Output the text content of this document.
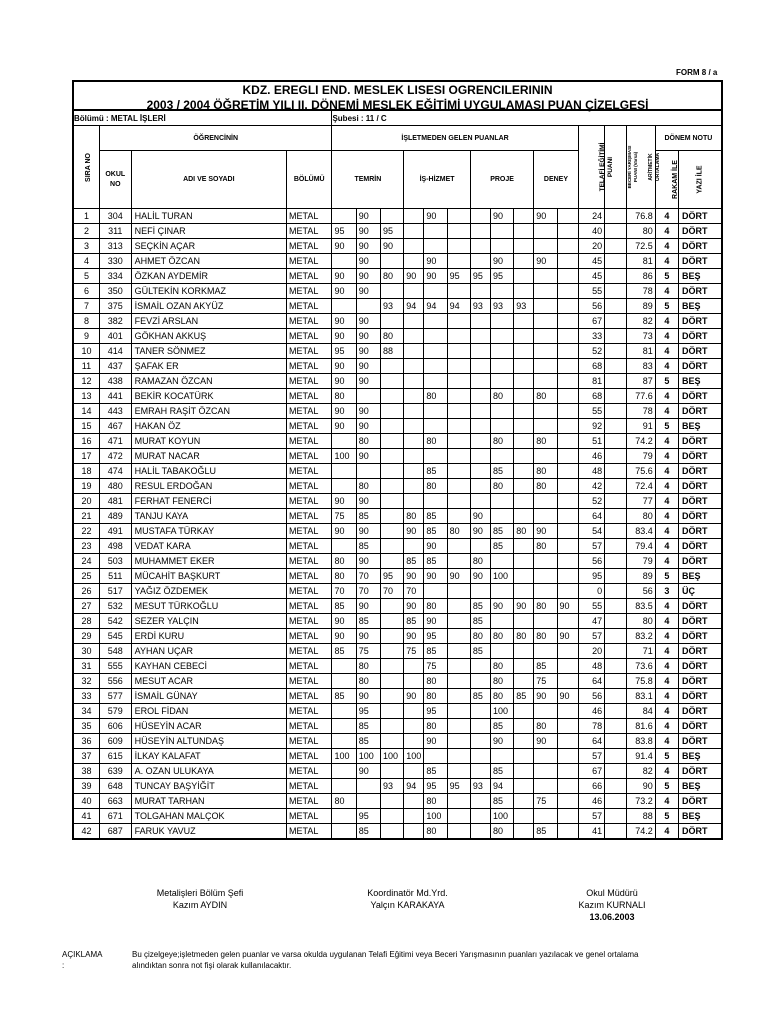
FORM 8 / a
KDZ. EREGLI END. MESLEK LISESI OGRENCILERININ
2003 / 2004 ÖĞRETİM YILI II. DÖNEMİ MESLEK EĞİTİMİ UYGULAMASI PUAN ÇİZELGESİ
Bölümü : METAL İŞLERİ				Şubesi : 11 / C															
SIRA NO	ÖĞRENCİNİN			İŞLETMEDEN GELEN PUANLAR											TELAFİ EĞİTİMİ PUANI	BECERİ YARIŞMASI PUANI (Varsa)	ARİTMETİK ORTALAMA	DÖNEM NOTU	
	OKUL NO	ADI VE SOYADI	BÖLÜMÜ	TEMRİN			İŞ-HİZMET			PROJE			DENEY					RAKAM İLE	YAZI İLE
1	304	HALİL TURAN	METAL		90			90			90		90		24		76.8	4	DÖRT
2	311	NEFİ ÇINAR	METAL	95	90	95									40		80	4	DÖRT
3	313	SEÇKİN AÇAR	METAL	90	90	90									20		72.5	4	DÖRT
4	330	AHMET ÖZCAN	METAL		90			90			90		90		45		81	4	DÖRT
5	334	ÖZKAN AYDEMİR	METAL	90	90	80	90	90	95	95	95				45		86	5	BEŞ
6	350	GÜLTEKİN KORKMAZ	METAL	90	90										55		78	4	DÖRT
7	375	İSMAİL OZAN AKYÜZ	METAL			93	94	94	94	93	93	93			56		89	5	BEŞ
8	382	FEVZİ ARSLAN	METAL	90	90										67		82	4	DÖRT
9	401	GÖKHAN AKKUŞ	METAL	90	90	80									33		73	4	DÖRT
10	414	TANER SÖNMEZ	METAL	95	90	88									52		81	4	DÖRT
11	437	ŞAFAK ER	METAL	90	90										68		83	4	DÖRT
12	438	RAMAZAN ÖZCAN	METAL	90	90										81		87	5	BEŞ
13	441	BEKİR KOCATÜRK	METAL	80				80			80		80		68		77.6	4	DÖRT
14	443	EMRAH RAŞİT ÖZCAN	METAL	90	90										55		78	4	DÖRT
15	467	HAKAN ÖZ	METAL	90	90										92		91	5	BEŞ
16	471	MURAT KOYUN	METAL		80			80			80		80		51		74.2	4	DÖRT
17	472	MURAT NACAR	METAL	100	90										46		79	4	DÖRT
18	474	HALİL TABAKOĞLU	METAL					85			85		80		48		75.6	4	DÖRT
19	480	RESUL ERDOĞAN	METAL		80			80			80		80		42		72.4	4	DÖRT
20	481	FERHAT FENERCİ	METAL	90	90										52		77	4	DÖRT
21	489	TANJU KAYA	METAL	75	85		80	85		90					64		80	4	DÖRT
22	491	MUSTAFA TÜRKAY	METAL	90	90		90	85	80	90	85	80	90		54		83.4	4	DÖRT
23	498	VEDAT KARA	METAL		85			90			85		80		57		79.4	4	DÖRT
24	503	MUHAMMET EKER	METAL	80	90		85	85		80					56		79	4	DÖRT
25	511	MÜCAHİT BAŞKURT	METAL	80	70	95	90	90	90	90	100				95		89	5	BEŞ
26	517	YAĞIZ ÖZDEMEK	METAL	70	70	70	70								0		56	3	ÜÇ
27	532	MESUT TÜRKOĞLU	METAL	85	90		90	80		85	90	90	80	90	55		83.5	4	DÖRT
28	542	SEZER YALÇIN	METAL	90	85		85	90		85					47		80	4	DÖRT
29	545	ERDİ KURU	METAL	90	90		90	95		80	80	80	80	90	57		83.2	4	DÖRT
30	548	AYHAN UÇAR	METAL	85	75		75	85		85					20		71	4	DÖRT
31	555	KAYHAN CEBECİ	METAL		80			75			80		85		48		73.6	4	DÖRT
32	556	MESUT ACAR	METAL		80			80			80		75		64		75.8	4	DÖRT
33	577	İSMAİL GÜNAY	METAL	85	90		90	80		85	80	85	90	90	56		83.1	4	DÖRT
34	579	EROL FİDAN	METAL		95			95			100				46		84	4	DÖRT
35	606	HÜSEYİN ACAR	METAL		85			80			85		80		78		81.6	4	DÖRT
36	609	HÜSEYİN ALTUNDAŞ	METAL		85			90			90		90		64		83.8	4	DÖRT
37	615	İLKAY KALAFAT	METAL	100	100	100	100								57		91.4	5	BEŞ
38	639	A. OZAN ULUKAYA	METAL		90			85			85				67		82	4	DÖRT
39	648	TUNCAY BAŞYİĞİT	METAL			93	94	95	95	93	94				66		90	5	BEŞ
40	663	MURAT TARHAN	METAL	80				80			85		75		46		73.2	4	DÖRT
41	671	TOLGAHAN MALÇOK	METAL		95			100			100				57		88	5	BEŞ
42	687	FARUK YAVUZ	METAL		85			80			80		85		41		74.2	4	DÖRT
Metalişleri Bölüm Şefi
Kazım AYDIN
Koordinatör Md.Yrd.
Yalçın KARAKAYA
Okul Müdürü
Kazım KURNALI
13.06.2003
AÇIKLAMA :
Bu çizelgeye;işletmeden gelen puanlar ve varsa okulda uygulanan Telafi Eğitimi veya Beceri Yarışmasının puanları yazılacak ve genel ortalama alındıktan sonra not fişi olarak kullanılacaktır.
